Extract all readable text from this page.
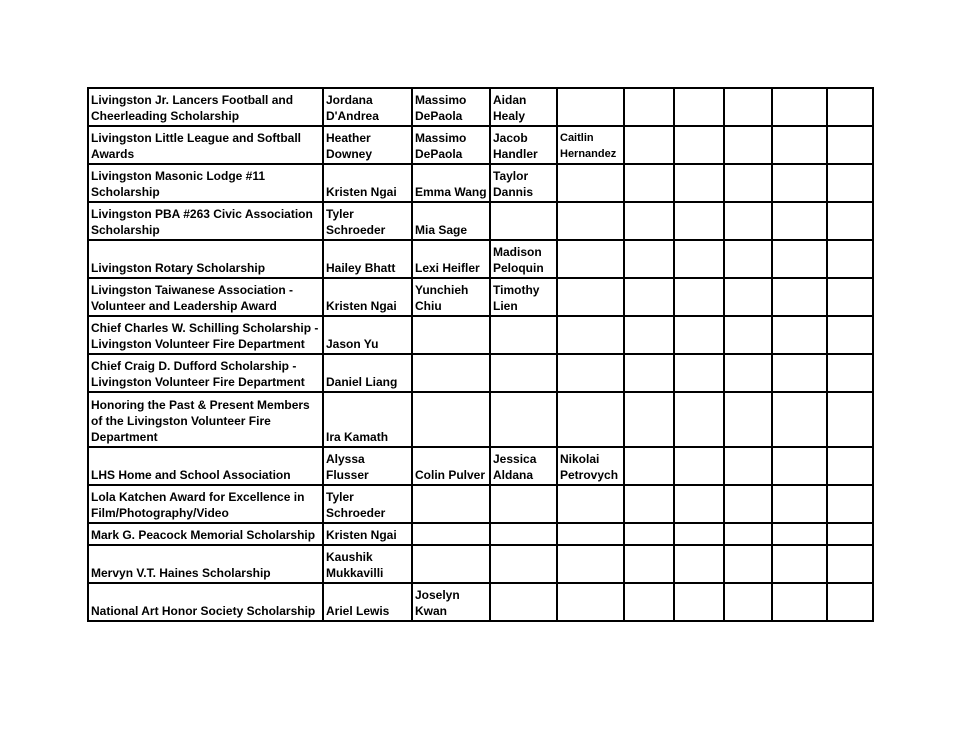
Livingston Jr. Lancers Football and Cheerleading Scholarship	Jordana D'Andrea	Massimo DePaola	Aidan Healy						
Livingston Little League and Softball Awards	Heather Downey	Massimo DePaola	Jacob Handler	Caitlin Hernandez					
Livingston Masonic Lodge #11 Scholarship	Kristen Ngai	Emma Wang	Taylor Dannis						
Livingston PBA #263 Civic Association Scholarship	Tyler Schroeder	Mia Sage							
Livingston Rotary Scholarship	Hailey Bhatt	Lexi Heifler	Madison Peloquin						
Livingston Taiwanese Association - Volunteer and Leadership Award	Kristen Ngai	Yunchieh Chiu	Timothy Lien						
Chief Charles W. Schilling Scholarship - Livingston Volunteer Fire Department	Jason Yu								
Chief Craig D. Dufford Scholarship - Livingston Volunteer Fire Department	Daniel Liang								
Honoring the Past & Present Members of the Livingston Volunteer Fire Department	Ira Kamath								
LHS Home and School Association	Alyssa Flusser	Colin Pulver	Jessica Aldana	Nikolai Petrovych					
Lola Katchen Award for Excellence in Film/Photography/Video	Tyler Schroeder								
Mark G. Peacock Memorial Scholarship	Kristen Ngai								
Mervyn V.T. Haines Scholarship	Kaushik Mukkavilli								
National Art Honor Society Scholarship	Ariel Lewis	Joselyn Kwan							
